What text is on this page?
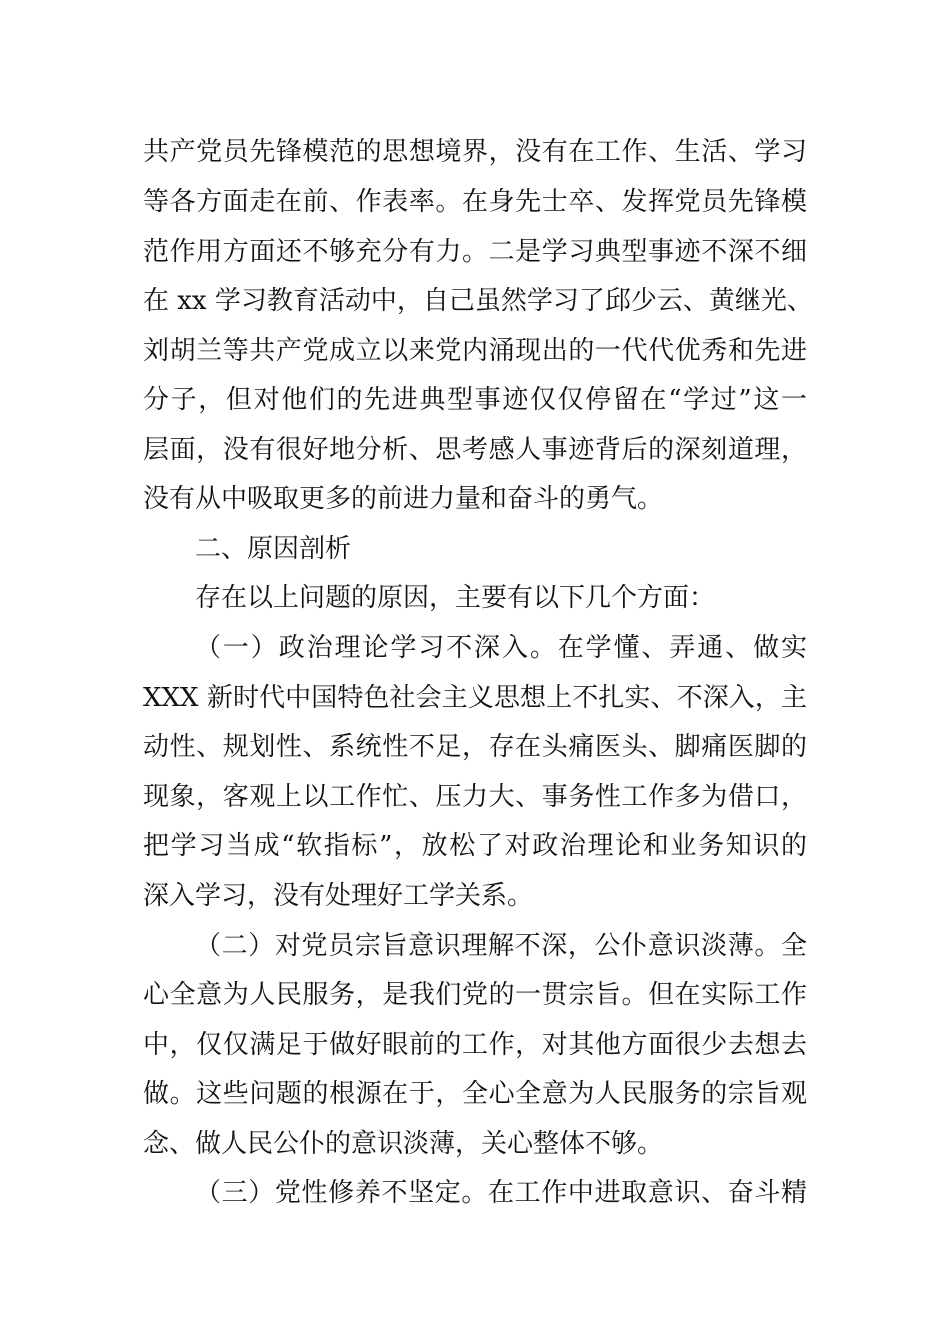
共产党员先锋模范的思想境界，没有在工作、生活、学习
等各方面走在前、作表率。在身先士卒、发挥党员先锋模
范作用方面还不够充分有力。二是学习典型事迹不深不细
在 xx 学习教育活动中，自己虽然学习了邱少云、黄继光、
刘胡兰等共产党成立以来党内涌现出的一代代优秀和先进
分子，但对他们的先进典型事迹仅仅停留在“学过”这一
层面，没有很好地分析、思考感人事迹背后的深刻道理，
没有从中吸取更多的前进力量和奋斗的勇气。
二、原因剖析
存在以上问题的原因，主要有以下几个方面：
（一）政治理论学习不深入。在学懂、弄通、做实
XXX 新时代中国特色社会主义思想上不扎实、不深入，主
动性、规划性、系统性不足，存在头痛医头、脚痛医脚的
现象，客观上以工作忙、压力大、事务性工作多为借口，
把学习当成“软指标”，放松了对政治理论和业务知识的
深入学习，没有处理好工学关系。
（二）对党员宗旨意识理解不深，公仆意识淡薄。全
心全意为人民服务，是我们党的一贯宗旨。但在实际工作
中，仅仅满足于做好眼前的工作，对其他方面很少去想去
做。这些问题的根源在于，全心全意为人民服务的宗旨观
念、做人民公仆的意识淡薄，关心整体不够。
（三）党性修养不坚定。在工作中进取意识、奋斗精
